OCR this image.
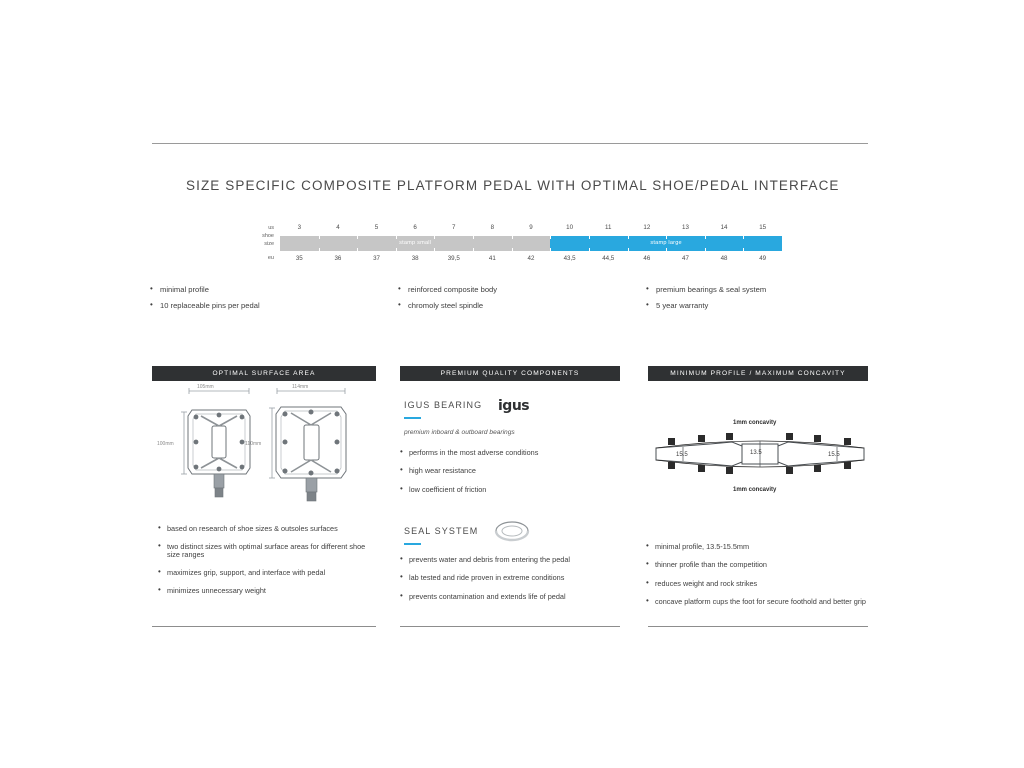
SIZE SPECIFIC COMPOSITE PLATFORM PEDAL WITH OPTIMAL SHOE/PEDAL INTERFACE
us
shoe
size
eu
3	4	5	6	7	8	9	10	11	12	13	14	15
stamp small	stamp large
35	36	37	38	39,5	41	42	43,5	44,5	46	47	48	49
• minimal profile
• 10 replaceable pins per pedal
• reinforced composite body
• chromoly steel spindle
• premium bearings & seal system
• 5 year warranty
OPTIMAL SURFACE AREA
105mm
100mm
114mm
110mm
• based on research of shoe sizes & outsoles surfaces
• two distinct sizes with optimal surface areas for different shoe size ranges
• maximizes grip, support, and interface with pedal
• minimizes unnecessary weight
PREMIUM QUALITY COMPONENTS
IGUS BEARING igus
premium inboard & outboard bearings
• performs in the most adverse conditions
• high wear resistance
• low coefficient of friction
SEAL SYSTEM
• prevents water and debris from entering the pedal
• lab tested and ride proven in extreme conditions
• prevents contamination and extends life of pedal
MINIMUM PROFILE / MAXIMUM CONCAVITY
1mm concavity
1mm concavity
15.5	13.5	15.5
• minimal profile, 13.5-15.5mm
• thinner profile than the competition
• reduces weight and rock strikes
• concave platform cups the foot for secure foothold and better grip
